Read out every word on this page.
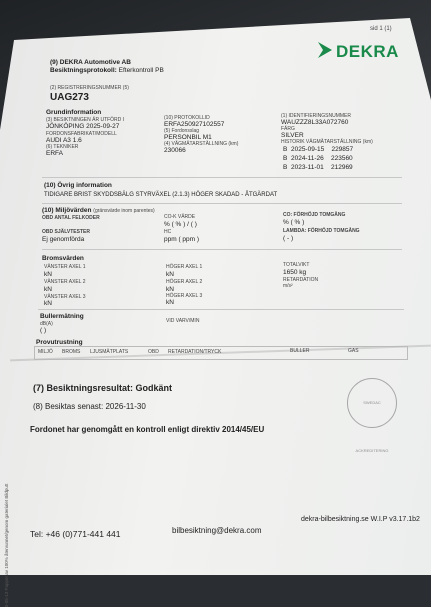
sid 1 (1)
DEKRA
(9) DEKRA Automotive AB
Besiktningsprotokoll: Efterkontroll PB
(2) REGISTRERINGSNUMMER (5)
UAG273
Grundinformation
(3) BESIKTNINGEN ÄR UTFÖRD I
JÖNKÖPING 2025-09-27
FORDONSFABRIKAT/MODELL
AUDI A3 1.6
(6) TEKNIKER
ERFA
(10) PROTOKOLLID
ERFA250927102557
(5) Fordonsslag
PERSONBIL M1
(4) VÄGMÄTARSTÄLLNING (km)
230066
(1) IDENTIFIERINGSNUMMER
WAUZZZ8L33A072760
FÄRG
SILVER
HISTORIK VÄGMÄTARSTÄLLNING (km)
B 2025-09-15 229857
B 2024-11-26 223560
B 2023-11-01 212969
(10) Övrig information
TIDIGARE BRIST SKYDDSBÄLG STYRVÄXEL (2.1.3) HÖGER SKADAD - ÅTGÄRDAT
(10) Miljövärden (gränsvärde inom parentes)
OBD ANTAL FELKODER
OBD SJÄLVTESTER
Ej genomförda
CO-K VÄRDE
% ( % ) / ( )
HC
ppm ( ppm )
CO: FÖRHÖJD TOMGÅNG
% ( % )
LAMBDA: FÖRHÖJD TOMGÅNG
( - )
Bromsvärden
VÄNSTER AXEL 1
kN
VÄNSTER AXEL 2
kN
VÄNSTER AXEL 3
kN
HÖGER AXEL 1
kN
HÖGER AXEL 2
kN
HÖGER AXEL 3
kN
TOTALVIKT
1650 kg
RETARDATION
m/s²
Bullermätning
dB(A)
( )
VID VARV/MIN
Provutrustning
MILJÖ BROMS LJUSMÄTPLATS	OBD RETARDATION/TRYCK	BULLER	GAS
(7) Besiktningsresultat: Godkänt
(8) Besiktas senast: 2026-11-30
Fordonet har genomgått en kontroll enligt direktiv 2014/45/EU
SWEDAC ACKREDITERING
Tel: +46 (0)771-441 441	bilbesiktning@dekra.com
dekra-bilbesiktning.se W.I.P v3.17.1b2
0-05-13 Papper av 100% återvunnet/genom gaterialet Bildputt
